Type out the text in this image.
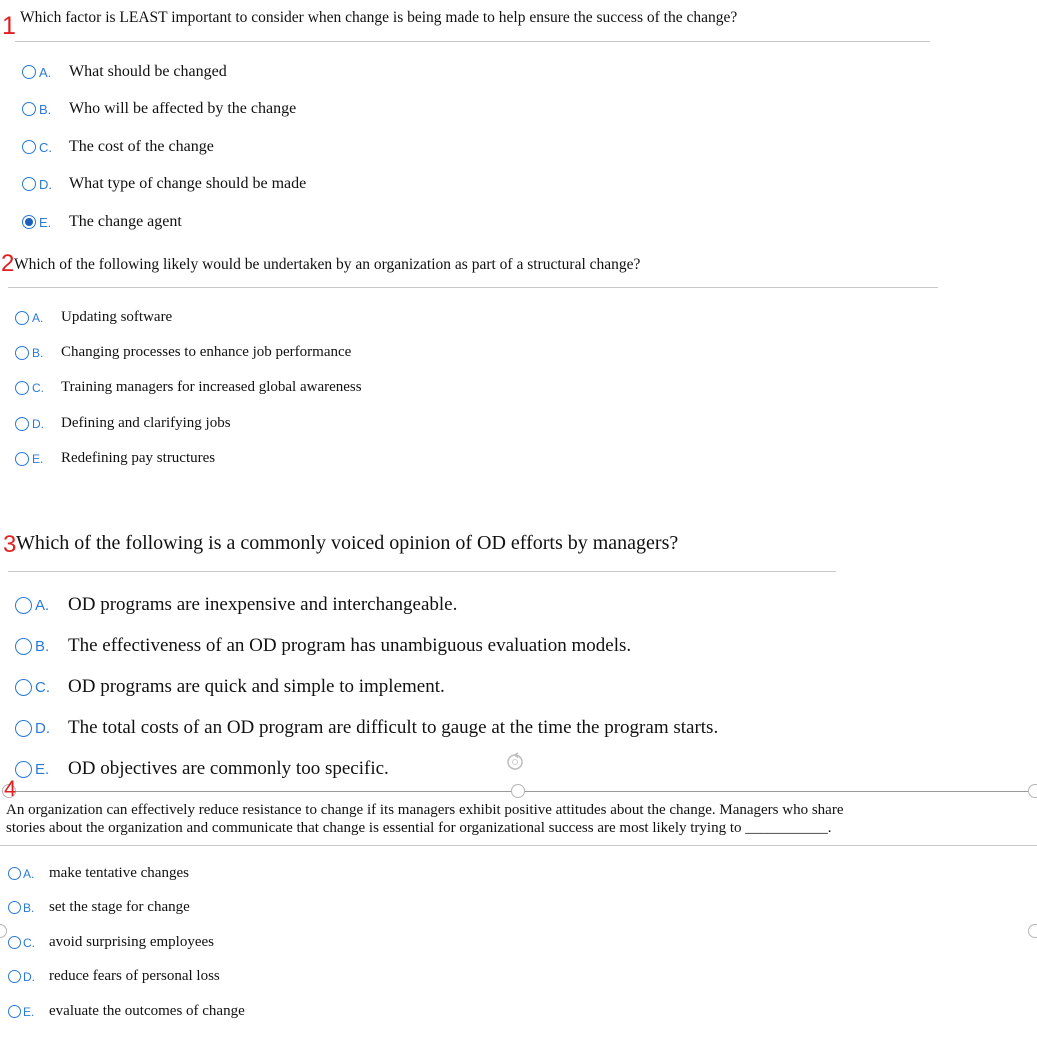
1 Which factor is LEAST important to consider when change is being made to help ensure the success of the change?
A.	What should be changed
B.	Who will be affected by the change
C.	The cost of the change
D.	What type of change should be made
E.	The change agent
2 Which of the following likely would be undertaken by an organization as part of a structural change?
A.	Updating software
B.	Changing processes to enhance job performance
C.	Training managers for increased global awareness
D.	Defining and clarifying jobs
E.	Redefining pay structures
3 Which of the following is a commonly voiced opinion of OD efforts by managers?
A. OD programs are inexpensive and interchangeable.
B. The effectiveness of an OD program has unambiguous evaluation models.
C. OD programs are quick and simple to implement.
D. The total costs of an OD program are difficult to gauge at the time the program starts.
E. OD objectives are commonly too specific.
4
An organization can effectively reduce resistance to change if its managers exhibit positive attitudes about the change. Managers who share
stories about the organization and communicate that change is essential for organizational success are most likely trying to ___________.
A. make tentative changes
B. set the stage for change
C. avoid surprising employees
D. reduce fears of personal loss
E. evaluate the outcomes of change
